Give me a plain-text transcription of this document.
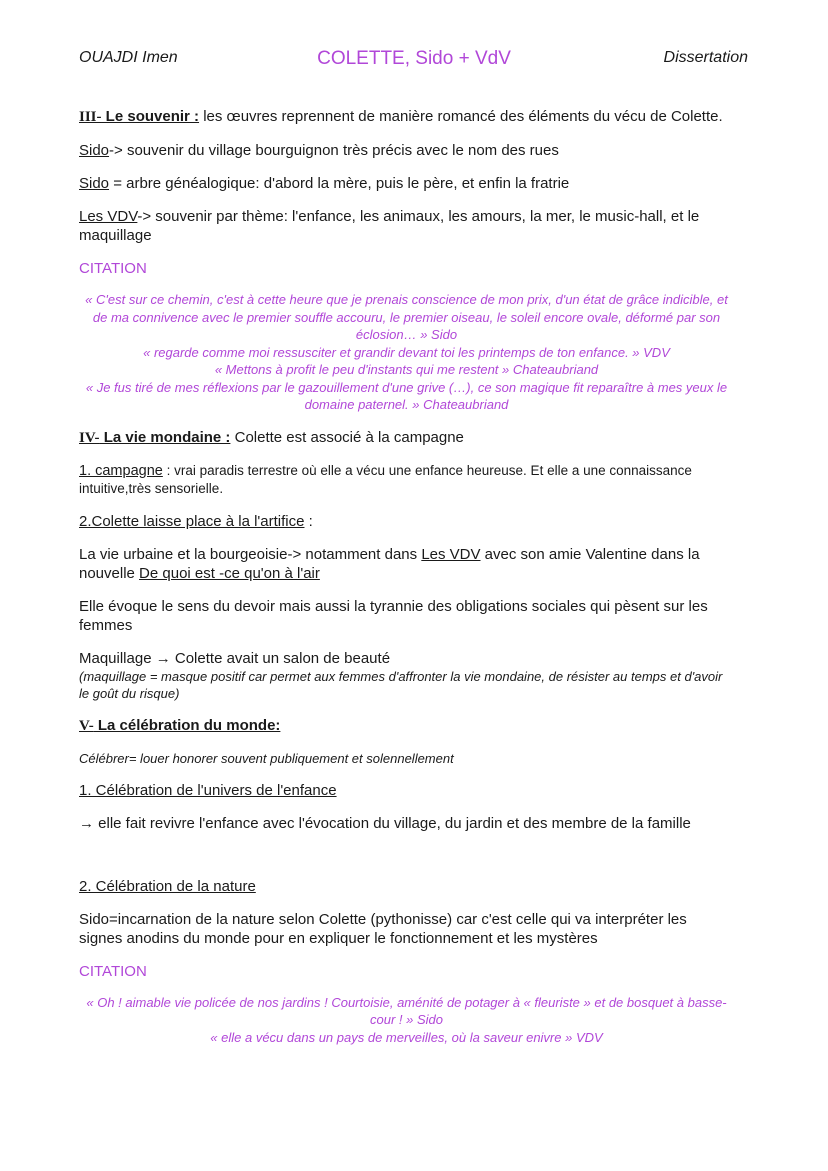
OUAJDI Imen	COLETTE, Sido + VdV	Dissertation

III- Le souvenir : les œuvres reprennent de manière romancé des éléments du vécu de Colette.

Sido-> souvenir du village bourguignon très précis avec le nom des rues

Sido = arbre généalogique: d'abord la mère, puis le père, et enfin la fratrie

Les VDV-> souvenir par thème: l'enfance, les animaux, les amours, la mer, le music-hall, et le maquillage

CITATION

« C'est sur ce chemin, c'est à cette heure que je prenais conscience de mon prix, d'un état de grâce indicible, et de ma connivence avec le premier souffle accouru, le premier oiseau, le soleil encore ovale, déformé par son éclosion… » Sido
« regarde comme moi ressusciter et grandir devant toi les printemps de ton enfance. » VDV
« Mettons à profit le peu d'instants qui me restent » Chateaubriand
« Je fus tiré de mes réflexions par le gazouillement d'une grive (…), ce son magique fit reparaître à mes yeux le domaine paternel. » Chateaubriand

IV- La vie mondaine : Colette est associé à la campagne

1. campagne : vrai paradis terrestre où elle a vécu une enfance heureuse. Et elle a une connaissance intuitive,très sensorielle.

2.Colette laisse place à la l'artifice :

La vie urbaine et la bourgeoisie-> notamment dans Les VDV avec son amie Valentine dans la nouvelle De quoi est -ce qu'on à l'air

Elle évoque le sens du devoir mais aussi la tyrannie des obligations sociales qui pèsent sur les femmes

Maquillage → Colette avait un salon de beauté
(maquillage = masque positif car permet aux femmes d'affronter la vie mondaine, de résister au temps et d'avoir le goût du risque)

V- La célébration du monde:

Célébrer= louer honorer souvent publiquement et solennellement

1. Célébration de l'univers de l'enfance

→ elle fait revivre l'enfance avec l'évocation du village, du jardin et des membre de la famille

2. Célébration de la nature

Sido=incarnation de la nature selon Colette (pythonisse) car c'est celle qui va interpréter les signes anodins du monde pour en expliquer le fonctionnement et les mystères

CITATION

« Oh ! aimable vie policée de nos jardins ! Courtoisie, aménité de potager à « fleuriste » et de bosquet à basse-cour ! » Sido
« elle a vécu dans un pays de merveilles, où la saveur enivre » VDV
